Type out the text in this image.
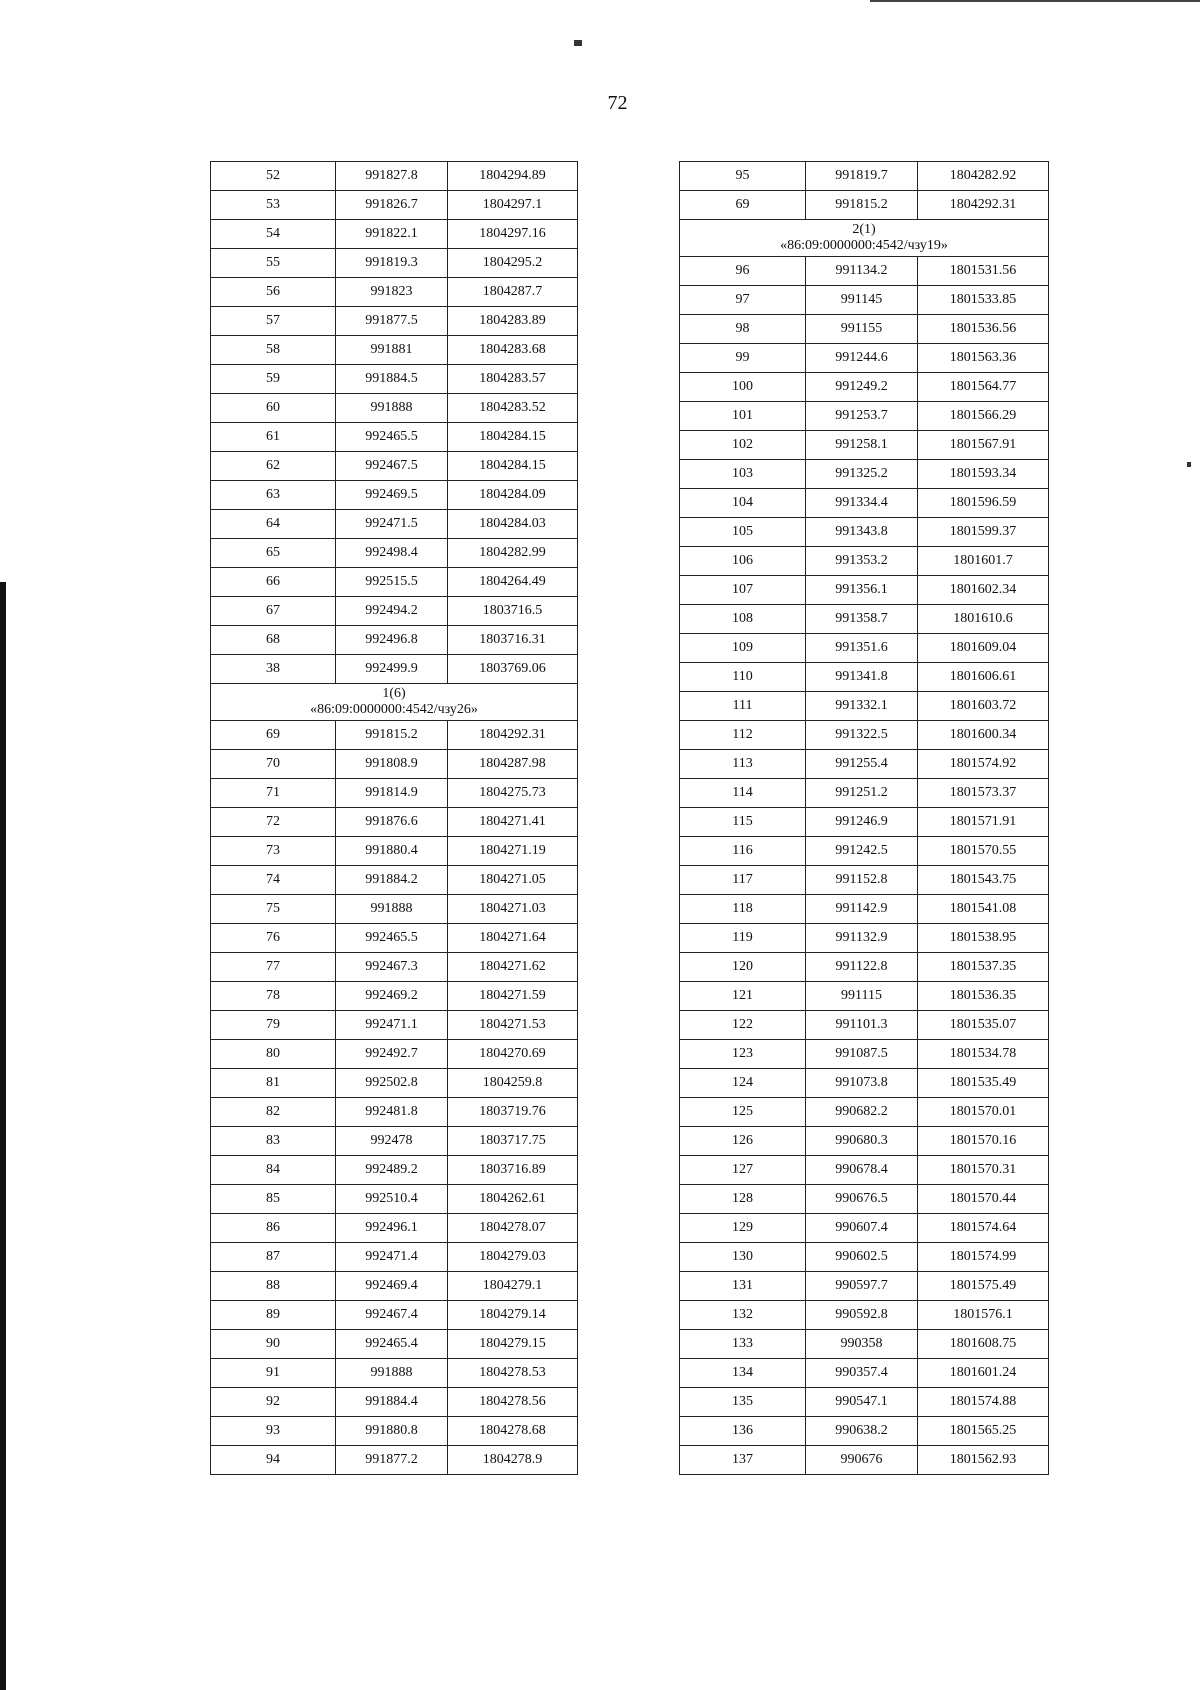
72
52	991827.8	1804294.89
53	991826.7	1804297.1
54	991822.1	1804297.16
55	991819.3	1804295.2
56	991823	1804287.7
57	991877.5	1804283.89
58	991881	1804283.68
59	991884.5	1804283.57
60	991888	1804283.52
61	992465.5	1804284.15
62	992467.5	1804284.15
63	992469.5	1804284.09
64	992471.5	1804284.03
65	992498.4	1804282.99
66	992515.5	1804264.49
67	992494.2	1803716.5
68	992496.8	1803716.31
38	992499.9	1803769.06

1(6)
«86:09:0000000:4542/чзу26»		

69	991815.2	1804292.31
70	991808.9	1804287.98
71	991814.9	1804275.73
72	991876.6	1804271.41
73	991880.4	1804271.19
74	991884.2	1804271.05
75	991888	1804271.03
76	992465.5	1804271.64
77	992467.3	1804271.62
78	992469.2	1804271.59
79	992471.1	1804271.53
80	992492.7	1804270.69
81	992502.8	1804259.8
82	992481.8	1803719.76
83	992478	1803717.75
84	992489.2	1803716.89
85	992510.4	1804262.61
86	992496.1	1804278.07
87	992471.4	1804279.03
88	992469.4	1804279.1
89	992467.4	1804279.14
90	992465.4	1804279.15
91	991888	1804278.53
92	991884.4	1804278.56
93	991880.8	1804278.68
94	991877.2	1804278.9
95	991819.7	1804282.92
69	991815.2	1804292.31

2(1)
«86:09:0000000:4542/чзу19»		

96	991134.2	1801531.56
97	991145	1801533.85
98	991155	1801536.56
99	991244.6	1801563.36
100	991249.2	1801564.77
101	991253.7	1801566.29
102	991258.1	1801567.91
103	991325.2	1801593.34
104	991334.4	1801596.59
105	991343.8	1801599.37
106	991353.2	1801601.7
107	991356.1	1801602.34
108	991358.7	1801610.6
109	991351.6	1801609.04
110	991341.8	1801606.61
111	991332.1	1801603.72
112	991322.5	1801600.34
113	991255.4	1801574.92
114	991251.2	1801573.37
115	991246.9	1801571.91
116	991242.5	1801570.55
117	991152.8	1801543.75
118	991142.9	1801541.08
119	991132.9	1801538.95
120	991122.8	1801537.35
121	991115	1801536.35
122	991101.3	1801535.07
123	991087.5	1801534.78
124	991073.8	1801535.49
125	990682.2	1801570.01
126	990680.3	1801570.16
127	990678.4	1801570.31
128	990676.5	1801570.44
129	990607.4	1801574.64
130	990602.5	1801574.99
131	990597.7	1801575.49
132	990592.8	1801576.1
133	990358	1801608.75
134	990357.4	1801601.24
135	990547.1	1801574.88
136	990638.2	1801565.25
137	990676	1801562.93
